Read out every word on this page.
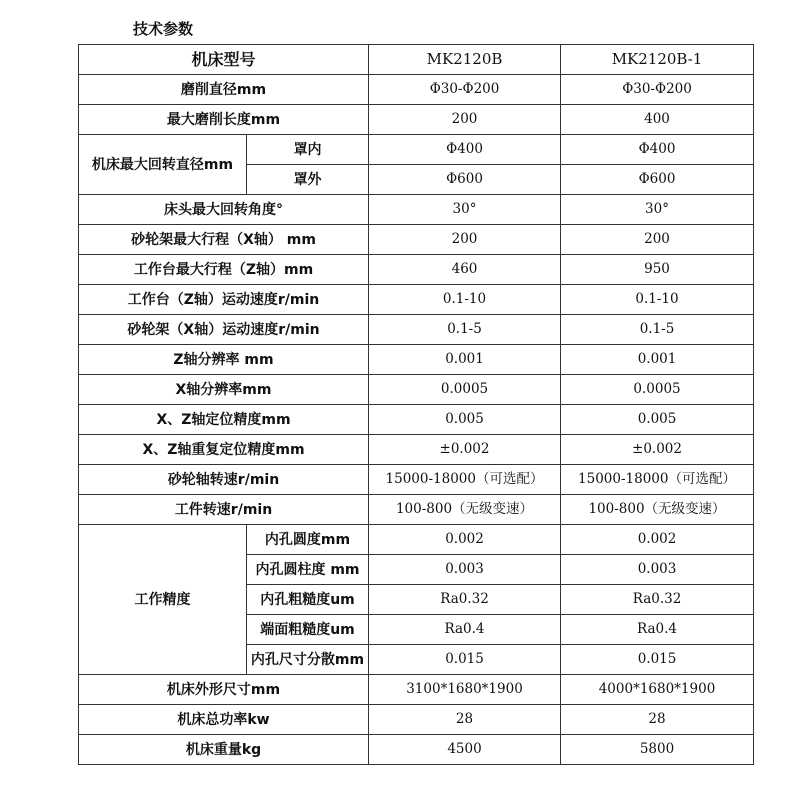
技术参数
机床型号		MK2120B	MK2120B-1
磨削直径mm		Φ30-Φ200	Φ30-Φ200
最大磨削长度mm		200	400
机床最大回转直径mm	罩内	Φ400	Φ400
	罩外	Φ600	Φ600
床头最大回转角度°		30°	30°
砂轮架最大行程（X轴） mm		200	200
工作台最大行程（Z轴）mm		460	950
工作台（Z轴）运动速度r/min		0.1-10	0.1-10
砂轮架（X轴）运动速度r/min		0.1-5	0.1-5
Z轴分辨率 mm		0.001	0.001
X轴分辨率mm		0.0005	0.0005
X、Z轴定位精度mm		0.005	0.005
X、Z轴重复定位精度mm		±0.002	±0.002
砂轮轴转速r/min		15000-18000（可选配）	15000-18000（可选配）
工件转速r/min		100-800（无级变速）	100-800（无级变速）
工作精度	内孔圆度mm	0.002	0.002
	内孔圆柱度 mm	0.003	0.003
	内孔粗糙度um	Ra0.32	Ra0.32
	端面粗糙度um	Ra0.4	Ra0.4
	内孔尺寸分散mm	0.015	0.015
机床外形尺寸mm		3100*1680*1900	4000*1680*1900
机床总功率kw		28	28
机床重量kg		4500	5800
